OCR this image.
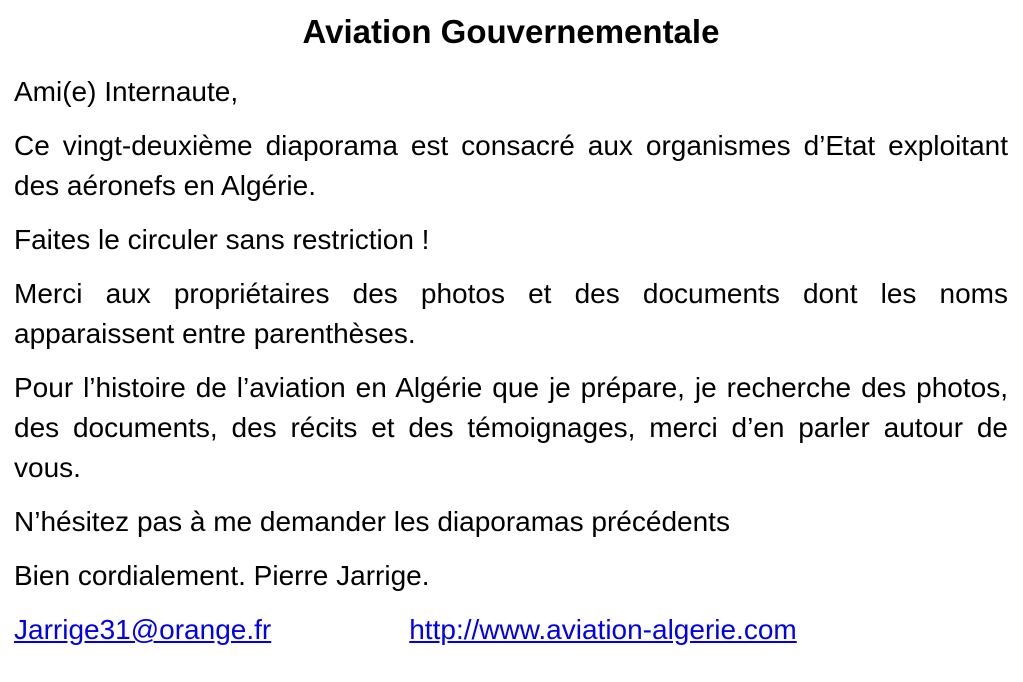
Aviation Gouvernementale

Ami(e) Internaute,

Ce vingt-deuxième diaporama est consacré aux organismes d’Etat exploitant des aéronefs en Algérie.

Faites le circuler sans restriction !

Merci aux propriétaires des photos et des documents dont les noms apparaissent entre parenthèses.

Pour l’histoire de l’aviation en Algérie que je prépare, je recherche des photos, des documents, des récits et des témoignages, merci d’en parler autour de vous.

N’hésitez pas à me demander les diaporamas précédents

Bien cordialement. Pierre Jarrige.

Jarrige31@orange.fr	http://www.aviation-algerie.com
